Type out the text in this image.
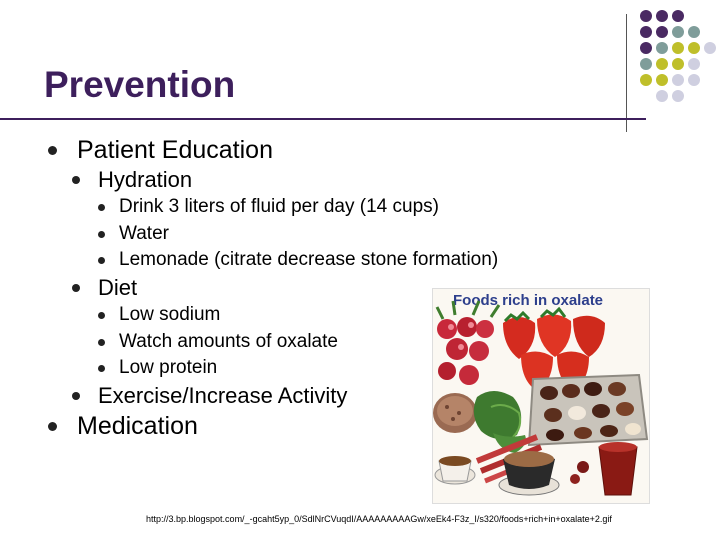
Prevention
Patient Education
Hydration
Drink 3 liters of fluid per day (14 cups)
Water
Lemonade (citrate decrease stone formation)
Diet
Low sodium
Watch amounts of oxalate
Low protein
Exercise/Increase Activity
Medication
Foods rich in oxalate
http://3.bp.blogspot.com/_-gcaht5yp_0/SdlNrCVuqdI/AAAAAAAAAGw/xeEk4-F3z_I/s320/foods+rich+in+oxalate+2.gif
